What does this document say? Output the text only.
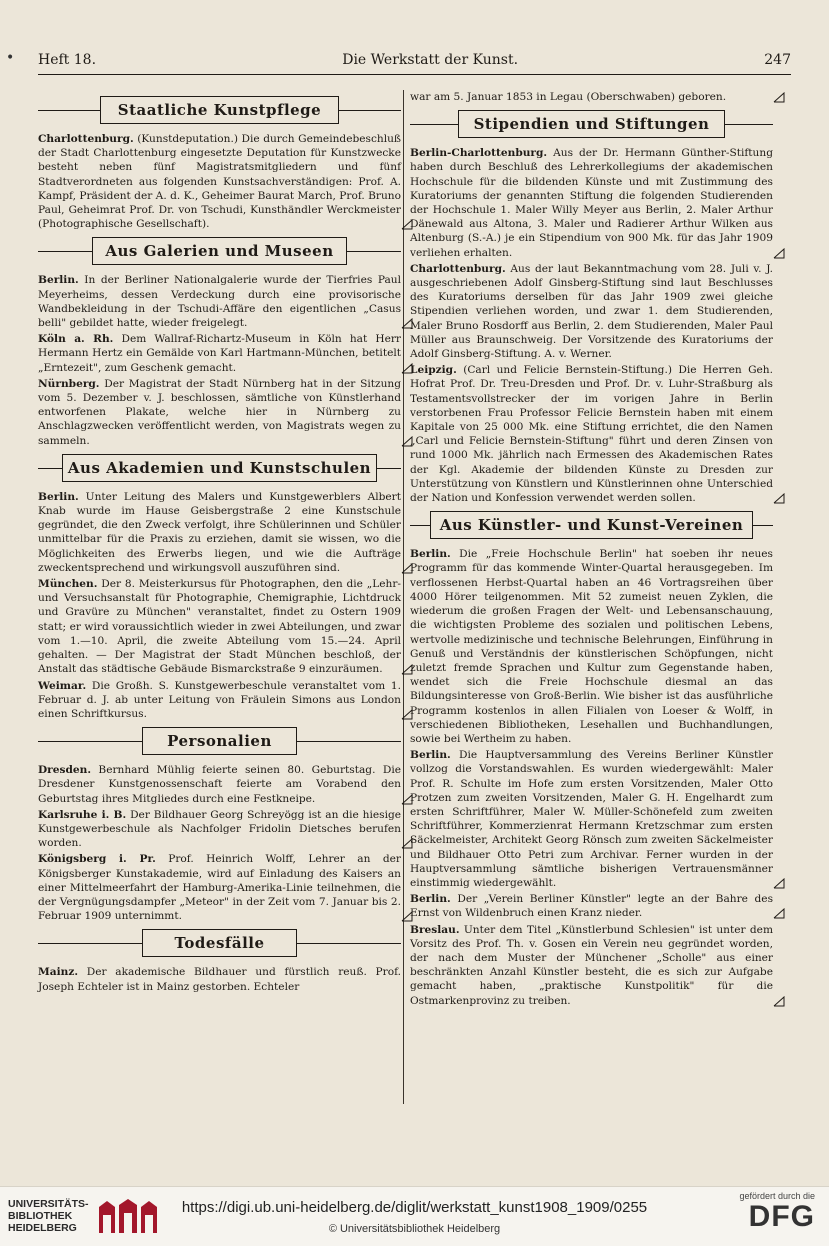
• Heft 18.	Die Werkstatt der Kunst.	247
Staatliche Kunstpflege

Charlottenburg. (Kunstdeputation.) Die durch Gemeindebeschluß der Stadt Charlottenburg eingesetzte Deputation für Kunstzwecke besteht neben fünf Magistratsmitgliedern und fünf Stadtverordneten aus folgenden Kunstsachverständigen: Prof. A. Kampf, Präsident der A. d. K., Geheimer Baurat March, Prof. Bruno Paul, Geheimrat Prof. Dr. von Tschudi, Kunsthändler Werckmeister (Photographische Gesellschaft).

Aus Galerien und Museen

Berlin. In der Berliner Nationalgalerie wurde der Tierfries Paul Meyerheims, dessen Verdeckung durch eine provisorische Wandbekleidung in der Tschudi-Affäre den eigentlichen „Casus belli" gebildet hatte, wieder freigelegt.

Köln a. Rh. Dem Wallraf-Richartz-Museum in Köln hat Herr Hermann Hertz ein Gemälde von Karl Hartmann-München, betitelt „Erntezeit", zum Geschenk gemacht.

Nürnberg. Der Magistrat der Stadt Nürnberg hat in der Sitzung vom 5. Dezember v. J. beschlossen, sämtliche von Künstlerhand entworfenen Plakate, welche hier in Nürnberg zu Anschlagzwecken veröffentlicht werden, von Magistrats wegen zu sammeln.

Aus Akademien und Kunstschulen

Berlin. Unter Leitung des Malers und Kunstgewerblers Albert Knab wurde im Hause Geisbergstraße 2 eine Kunstschule gegründet, die den Zweck verfolgt, ihre Schülerinnen und Schüler unmittelbar für die Praxis zu erziehen, damit sie wissen, wo die Möglichkeiten des Erwerbs liegen, und wie die Aufträge zweckentsprechend und wirkungsvoll auszuführen sind.

München. Der 8. Meisterkursus für Photographen, den die „Lehr- und Versuchsanstalt für Photographie, Chemigraphie, Lichtdruck und Gravüre zu München" veranstaltet, findet zu Ostern 1909 statt; er wird voraussichtlich wieder in zwei Abteilungen, und zwar vom 1.—10. April, die zweite Abteilung vom 15.—24. April gehalten. — Der Magistrat der Stadt München beschloß, der Anstalt das städtische Gebäude Bismarckstraße 9 einzuräumen.

Weimar. Die Großh. S. Kunstgewerbeschule veranstaltet vom 1. Februar d. J. ab unter Leitung von Fräulein Simons aus London einen Schriftkursus.

Personalien

Dresden. Bernhard Mühlig feierte seinen 80. Geburtstag. Die Dresdener Kunstgenossenschaft feierte am Vorabend den Geburtstag ihres Mitgliedes durch eine Festkneipe.

Karlsruhe i. B. Der Bildhauer Georg Schreyögg ist an die hiesige Kunstgewerbeschule als Nachfolger Fridolin Dietsches berufen worden.

Königsberg i. Pr. Prof. Heinrich Wolff, Lehrer an der Königsberger Kunstakademie, wird auf Einladung des Kaisers an einer Mittelmeerfahrt der Hamburg-Amerika-Linie teilnehmen, die der Vergnügungsdampfer „Meteor" in der Zeit vom 7. Januar bis 2. Februar 1909 unternimmt.

Todesfälle

Mainz. Der akademische Bildhauer und fürstlich reuß. Prof. Joseph Echteler ist in Mainz gestorben. Echteler

war am 5. Januar 1853 in Legau (Oberschwaben) geboren.

Stipendien und Stiftungen

Berlin-Charlottenburg. Aus der Dr. Hermann Günther-Stiftung haben durch Beschluß des Lehrerkollegiums der akademischen Hochschule für die bildenden Künste und mit Zustimmung des Kuratoriums der genannten Stiftung die folgenden Studierenden der Hochschule 1. Maler Willy Meyer aus Berlin, 2. Maler Arthur Dänewald aus Altona, 3. Maler und Radierer Arthur Wilken aus Altenburg (S.-A.) je ein Stipendium von 900 Mk. für das Jahr 1909 verliehen erhalten.

Charlottenburg. Aus der laut Bekanntmachung vom 28. Juli v. J. ausgeschriebenen Adolf Ginsberg-Stiftung sind laut Beschlusses des Kuratoriums derselben für das Jahr 1909 zwei gleiche Stipendien verliehen worden, und zwar 1. dem Studierenden, Maler Bruno Rosdorff aus Berlin, 2. dem Studierenden, Maler Paul Müller aus Braunschweig. Der Vorsitzende des Kuratoriums der Adolf Ginsberg-Stiftung. A. v. Werner.

Leipzig. (Carl und Felicie Bernstein-Stiftung.) Die Herren Geh. Hofrat Prof. Dr. Treu-Dresden und Prof. Dr. v. Luhr-Straßburg als Testamentsvollstrecker der im vorigen Jahre in Berlin verstorbenen Frau Professor Felicie Bernstein haben mit einem Kapitale von 25 000 Mk. eine Stiftung errichtet, die den Namen „Carl und Felicie Bernstein-Stiftung" führt und deren Zinsen von rund 1000 Mk. jährlich nach Ermessen des Akademischen Rates der Kgl. Akademie der bildenden Künste zu Dresden zur Unterstützung von Künstlern und Künstlerinnen ohne Unterschied der Nation und Konfession verwendet werden sollen.

Aus Künstler- und Kunst-Vereinen

Berlin. Die „Freie Hochschule Berlin" hat soeben ihr neues Programm für das kommende Winter-Quartal herausgegeben. Im verflossenen Herbst-Quartal haben an 46 Vortragsreihen über 4000 Hörer teilgenommen. Mit 52 zumeist neuen Zyklen, die wiederum die großen Fragen der Welt- und Lebensanschauung, die wichtigsten Probleme des sozialen und politischen Lebens, wertvolle medizinische und technische Belehrungen, Einführung in Genuß und Verständnis der künstlerischen Schöpfungen, nicht zuletzt fremde Sprachen und Kultur zum Gegenstande haben, wendet sich die Freie Hochschule diesmal an das Bildungsinteresse von Groß-Berlin. Wie bisher ist das ausführliche Programm kostenlos in allen Filialen von Loeser & Wolff, in verschiedenen Bibliotheken, Lesehallen und Buchhandlungen, sowie bei Wertheim zu haben.

Berlin. Die Hauptversammlung des Vereins Berliner Künstler vollzog die Vorstandswahlen. Es wurden wiedergewählt: Maler Prof. R. Schulte im Hofe zum ersten Vorsitzenden, Maler Otto Protzen zum zweiten Vorsitzenden, Maler G. H. Engelhardt zum ersten Schriftführer, Maler W. Müller-Schönefeld zum zweiten Schriftführer, Kommerzienrat Hermann Kretzschmar zum ersten Säckelmeister, Architekt Georg Rönsch zum zweiten Säckelmeister und Bildhauer Otto Petri zum Archivar. Ferner wurden in der Hauptversammlung sämtliche bisherigen Vertrauensmänner einstimmig wiedergewählt.

Berlin. Der „Verein Berliner Künstler" legte an der Bahre des Ernst von Wildenbruch einen Kranz nieder.

Breslau. Unter dem Titel „Künstlerbund Schlesien" ist unter dem Vorsitz des Prof. Th. v. Gosen ein Verein neu gegründet worden, der nach dem Muster der Münchener „Scholle" aus einer beschränkten Anzahl Künstler besteht, die es sich zur Aufgabe gemacht haben, „praktische Kunstpolitik" für die Ostmarkenprovinz zu treiben.

UNIVERSITÄTS-
BIBLIOTHEK
HEIDELBERG
https://digi.ub.uni-heidelberg.de/diglit/werkstatt_kunst1908_1909/0255
© Universitätsbibliothek Heidelberg
gefördert durch die
DFG
